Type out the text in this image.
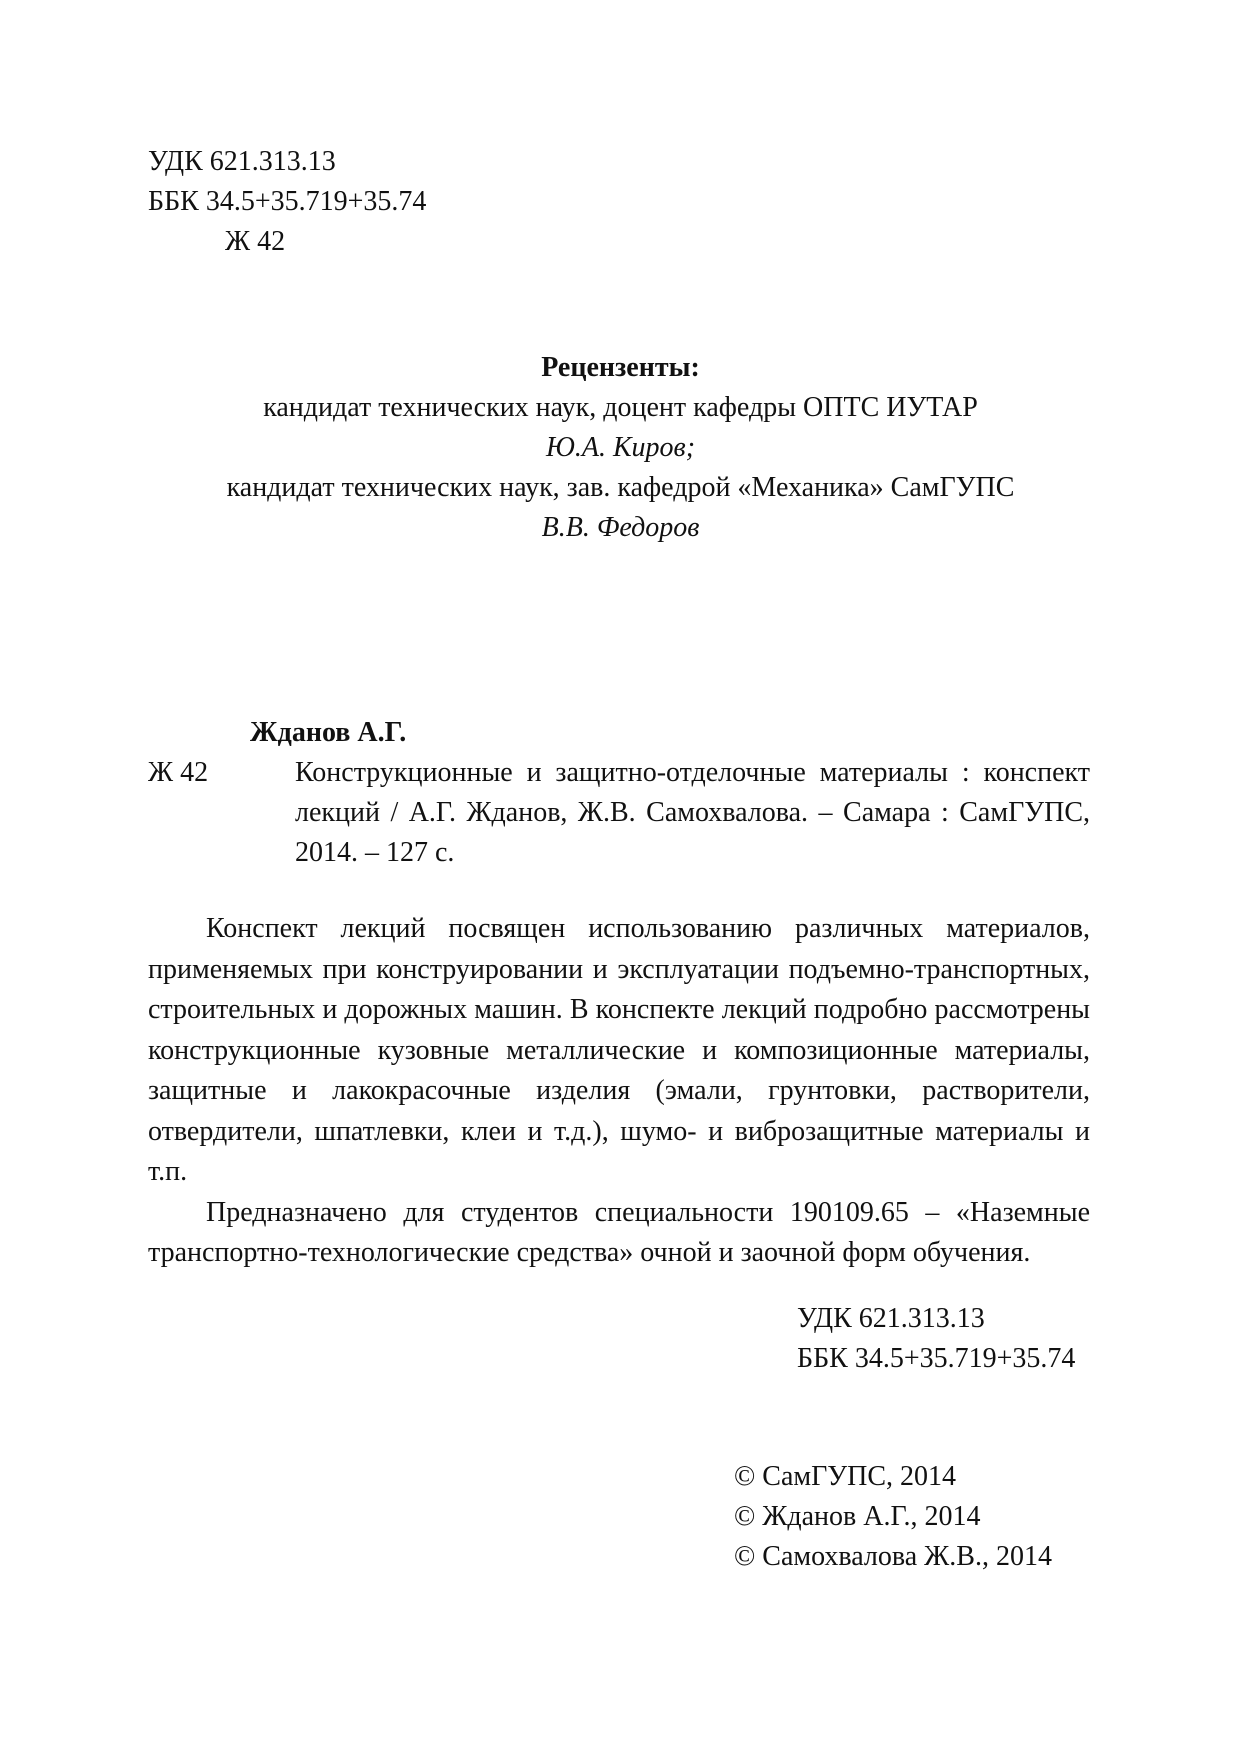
УДК 621.313.13
ББК 34.5+35.719+35.74
Ж 42
Рецензенты:
кандидат технических наук, доцент кафедры ОПТС ИУТАР
Ю.А. Киров;
кандидат технических наук, зав. кафедрой «Механика» СамГУПС
В.В. Федоров
Жданов А.Г.
Ж 42	Конструкционные и защитно-отделочные материалы : конспект лекций / А.Г. Жданов, Ж.В. Самохвалова. – Самара : СамГУПС, 2014. – 127 с.

Конспект лекций посвящен использованию различных материалов, применяемых при конструировании и эксплуатации подъемно-транспортных, строительных и дорожных машин. В конспекте лекций подробно рассмотрены конструкционные кузовные металлические и композиционные материалы, защитные и лакокрасочные изделия (эмали, грунтовки, растворители, отвердители, шпатлевки, клеи и т.д.), шумо- и виброзащитные материалы и т.п.

Предназначено для студентов специальности 190109.65 – «Наземные транспортно-технологические средства» очной и заочной форм обучения.

УДК 621.313.13
ББК 34.5+35.719+35.74
© СамГУПС, 2014
© Жданов А.Г., 2014
© Самохвалова Ж.В., 2014
